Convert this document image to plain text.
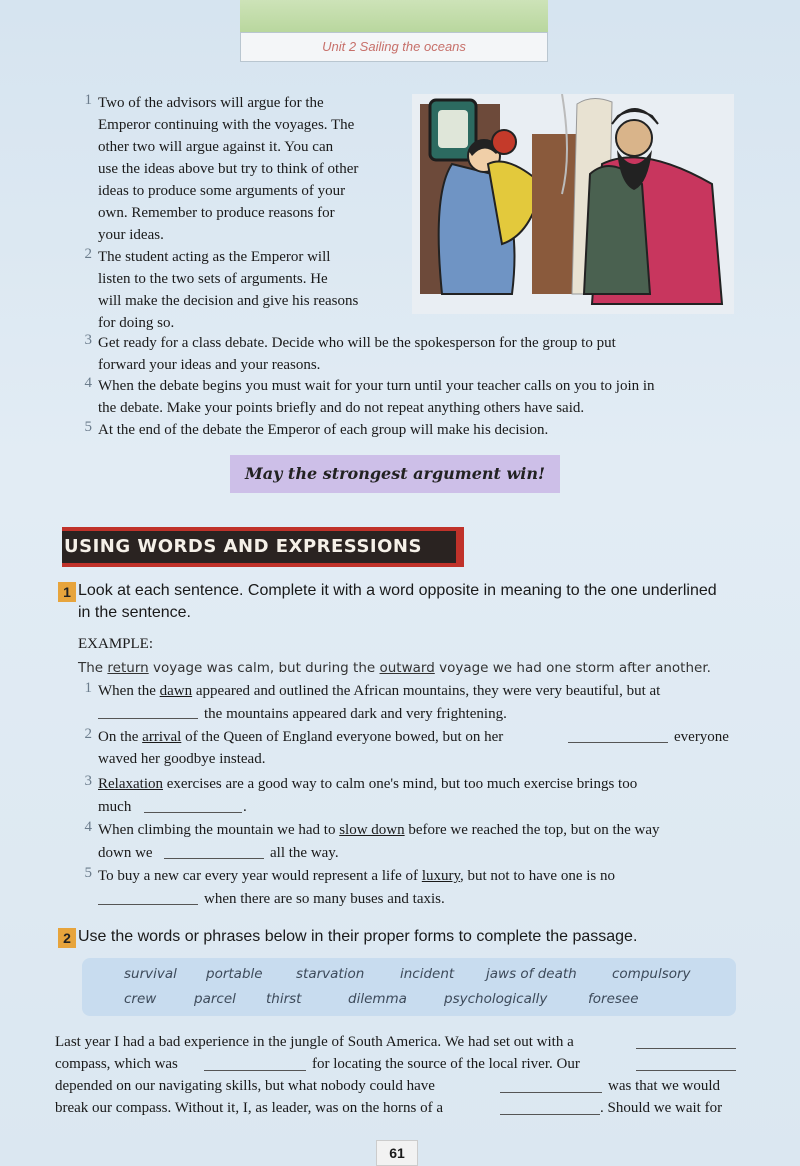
Unit 2 Sailing the oceans
1 Two of the advisors will argue for the
Emperor continuing with the voyages. The
other two will argue against it. You can
use the ideas above but try to think of other
ideas to produce some arguments of your
own. Remember to produce reasons for
your ideas.
2 The student acting as the Emperor will
listen to the two sets of arguments. He
will make the decision and give his reasons
for doing so.
3 Get ready for a class debate. Decide who will be the spokesperson for the group to put
forward your ideas and your reasons.
4 When the debate begins you must wait for your turn until your teacher calls on you to join in
the debate. Make your points briefly and do not repeat anything others have said.
5 At the end of the debate the Emperor of each group will make his decision.
May the strongest argument win!
USING WORDS AND EXPRESSIONS
1 Look at each sentence. Complete it with a word opposite in meaning to the one underlined
in the sentence.
EXAMPLE:
The return voyage was calm, but during the outward voyage we had one storm after another.
1 When the dawn appeared and outlined the African mountains, they were very beautiful, but at
the mountains appeared dark and very frightening.
2 On the arrival of the Queen of England everyone bowed, but on her	everyone
waved her goodbye instead.
3 Relaxation exercises are a good way to calm one's mind, but too much exercise brings too
much	.
4 When climbing the mountain we had to slow down before we reached the top, but on the way
down we	all the way.
5 To buy a new car every year would represent a life of luxury, but not to have one is no
when there are so many buses and taxis.
2 Use the words or phrases below in their proper forms to complete the passage.
survival portable starvation	incident jaws of death	compulsory
crew	parcel thirst	dilemma	psychologically	foresee
Last year I had a bad experience in the jungle of South America. We had set out with a
compass, which was	for locating the source of the local river. Our
depended on our navigating skills, but what nobody could have	was that we would
break our compass. Without it, I, as leader, was on the horns of a	. Should we wait for
61
